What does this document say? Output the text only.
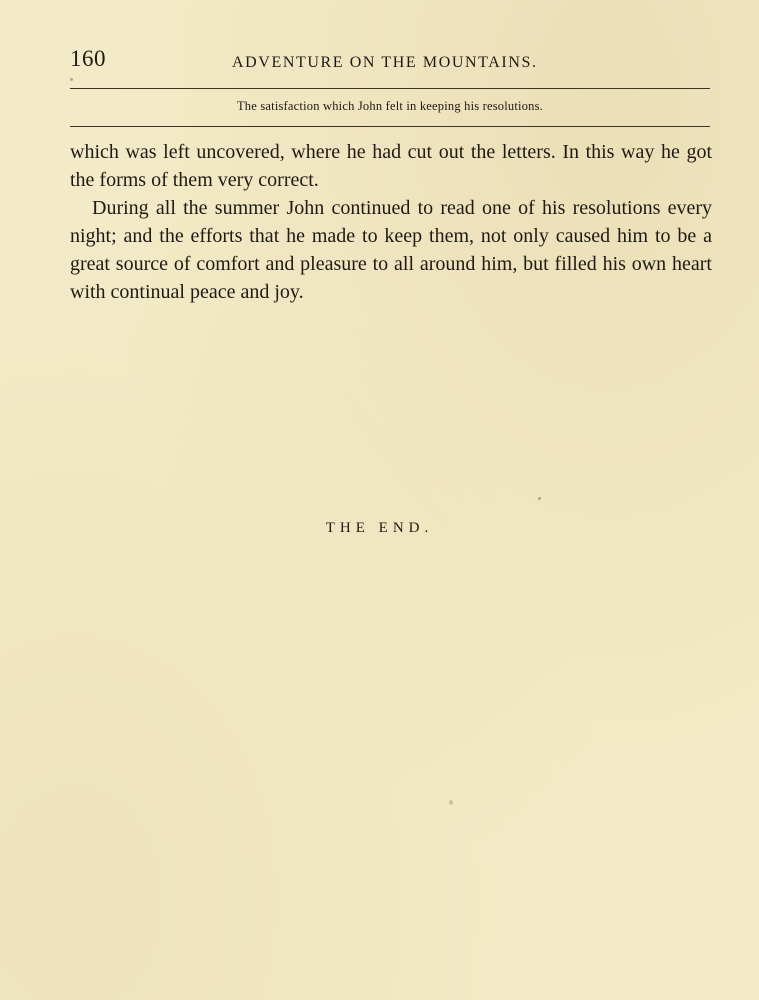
160	ADVENTURE ON THE MOUNTAINS.
The satisfaction which John felt in keeping his resolutions.

which was left uncovered, where he had cut out the letters. In this way he got the forms of them very correct.

During all the summer John continued to read one of his resolutions every night; and the efforts that he made to keep them, not only caused him to be a great source of comfort and pleasure to all around him, but filled his own heart with continual peace and joy.

THE END.
